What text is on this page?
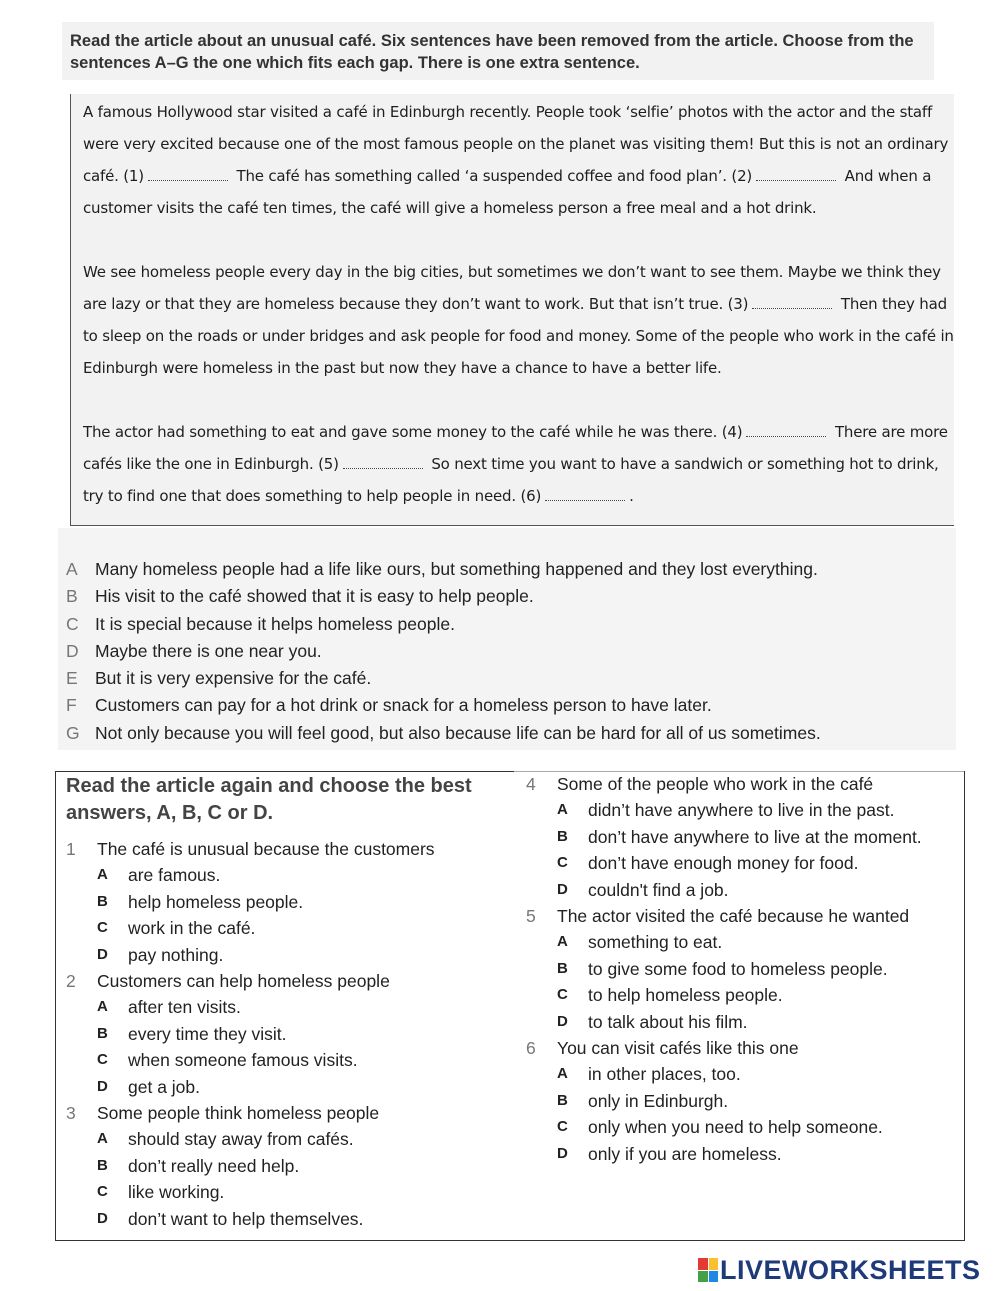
Read the article about an unusual café. Six sentences have been removed from the article. Choose from the sentences A–G the one which fits each gap. There is one extra sentence.

A famous Hollywood star visited a café in Edinburgh recently. People took ‘selfie’ photos with the actor and the staff were very excited because one of the most famous people on the planet was visiting them! But this is not an ordinary café. (1)	The café has something called ‘a suspended coffee and food plan’. (2)	And when a customer visits the café ten times, the café will give a homeless person a free meal and a hot drink.

We see homeless people every day in the big cities, but sometimes we don’t want to see them. Maybe we think they are lazy or that they are homeless because they don’t want to work. But that isn’t true. (3)	Then they had to sleep on the roads or under bridges and ask people for food and money. Some of the people who work in the café in Edinburgh were homeless in the past but now they have a chance to have a better life.

The actor had something to eat and gave some money to the café while he was there. (4)	There are more cafés like the one in Edinburgh. (5)	So next time you want to have a sandwich or something hot to drink, try to find one that does something to help people in need. (6)	.

A Many homeless people had a life like ours, but something happened and they lost everything.
B His visit to the café showed that it is easy to help people.
C It is special because it helps homeless people.
D Maybe there is one near you.
E But it is very expensive for the café.
F	Customers can pay for a hot drink or snack for a homeless person to have later.
G Not only because you will feel good, but also because life can be hard for all of us sometimes.
Read the article again and choose the best answers, A, B, C or D.
1	The café is unusual because the customers
A	are famous.
B	help homeless people.
C	work in the café.
D	pay nothing.
2	Customers can help homeless people
A	after ten visits.
B	every time they visit.
C	when someone famous visits.
D	get a job.
3	Some people think homeless people
A	should stay away from cafés.
B	don’t really need help.
C	like working.
D	don’t want to help themselves.
4	Some of the people who work in the café
A	didn’t have anywhere to live in the past.
B	don’t have anywhere to live at the moment.
C	don’t have enough money for food.
D	couldn't find a job.
5	The actor visited the café because he wanted
A	something to eat.
B	to give some food to homeless people.
C	to help homeless people.
D	to talk about his film.
6	You can visit cafés like this one
A	in other places, too.
B	only in Edinburgh.
C	only when you need to help someone.
D	only if you are homeless.
LIVEWORKSHEETS
